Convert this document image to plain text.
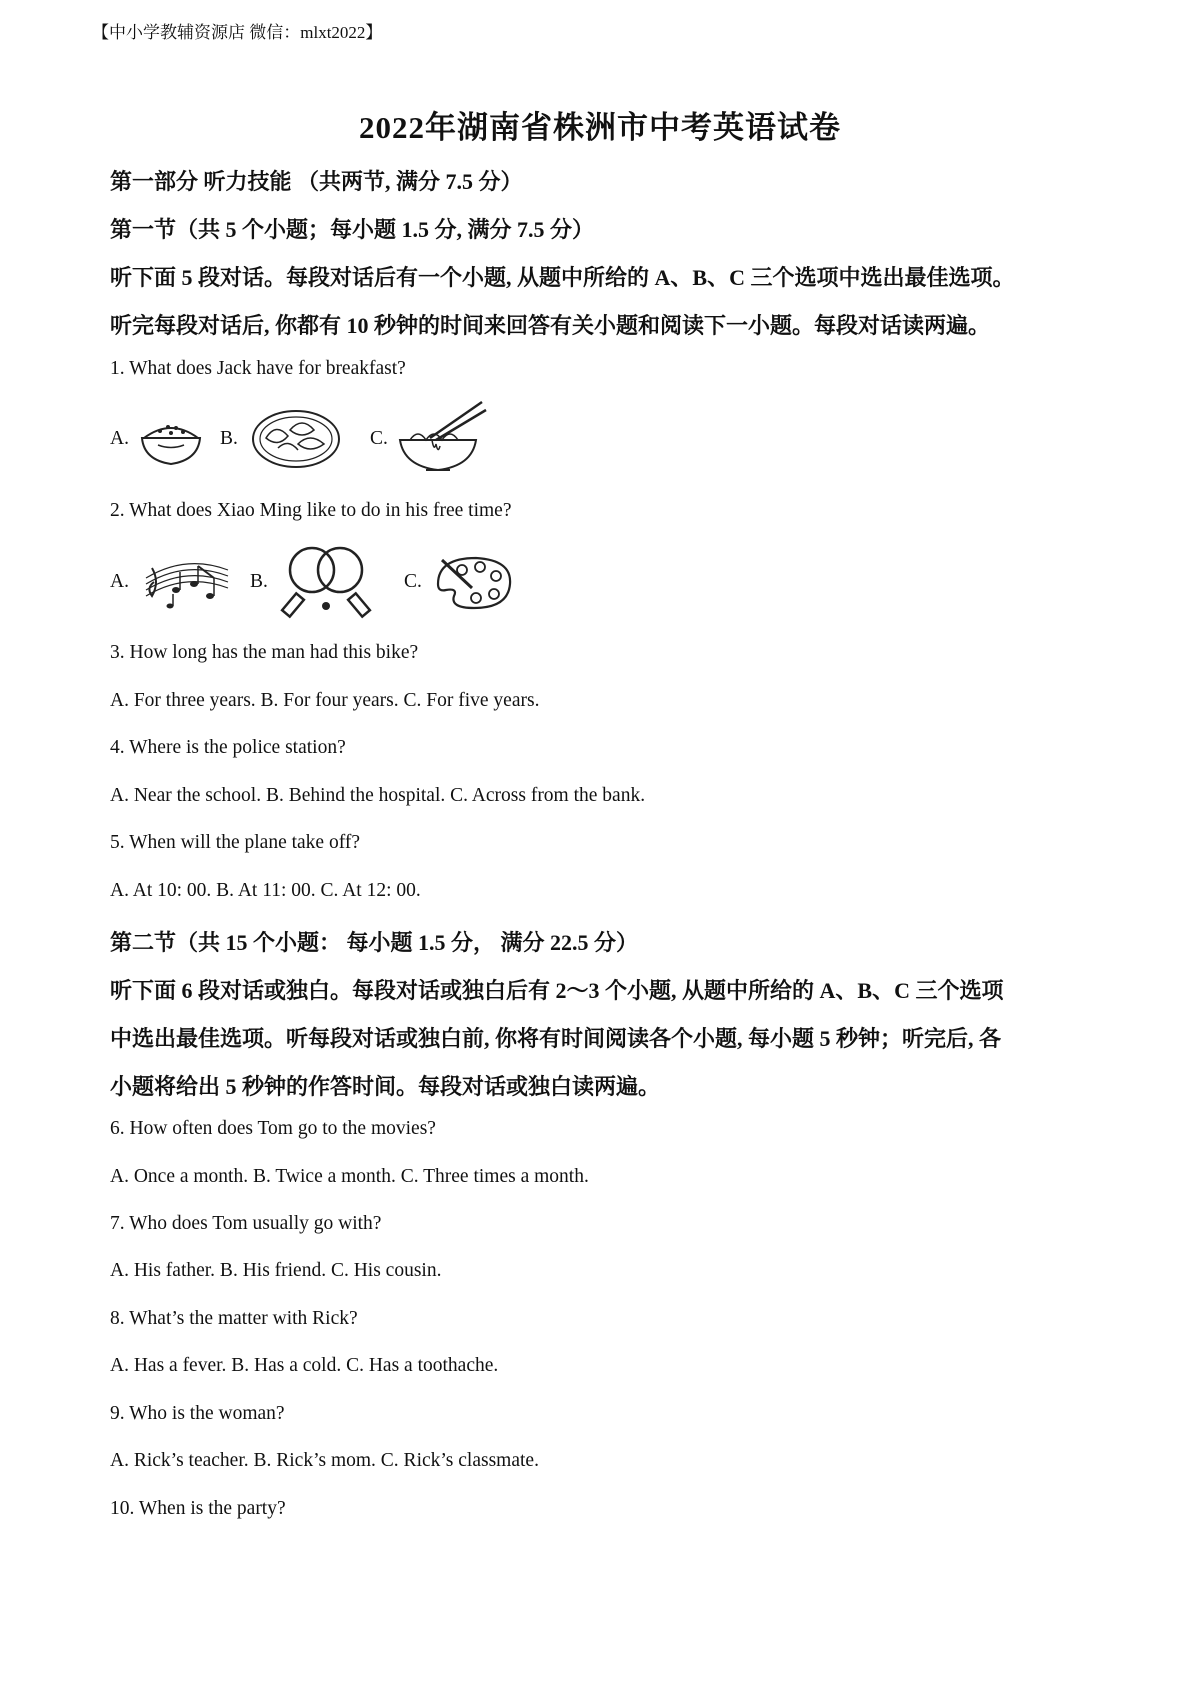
【中小学教辅资源店 微信：mlxt2022】
2022年湖南省株洲市中考英语试卷
第一部分 听力技能 （共两节, 满分 7.5 分）
第一节（共 5 个小题；每小题 1.5 分, 满分 7.5 分）
听下面 5 段对话。每段对话后有一个小题, 从题中所给的 A、B、C 三个选项中选出最佳选项。
听完每段对话后, 你都有 10 秒钟的时间来回答有关小题和阅读下一小题。每段对话读两遍。
1. What does Jack have for breakfast?
A.	B.	C.
2. What does Xiao Ming like to do in his free time?
A.	B.	C.
3. How long has the man had this bike?
A. For three years. B. For four years. C. For five years.
4. Where is the police station?
A. Near the school. B. Behind the hospital. C. Across from the bank.
5. When will the plane take off?
A. At 10: 00. B. At 11: 00. C. At 12: 00.
第二节（共 15 个小题： 每小题 1.5 分， 满分 22.5 分）
听下面 6 段对话或独白。每段对话或独白后有 2～3 个小题, 从题中所给的 A、B、C 三个选项
中选出最佳选项。听每段对话或独白前, 你将有时间阅读各个小题, 每小题 5 秒钟；听完后, 各
小题将给出 5 秒钟的作答时间。每段对话或独白读两遍。
6. How often does Tom go to the movies?
A. Once a month. B. Twice a month. C. Three times a month.
7. Who does Tom usually go with?
A. His father. B. His friend. C. His cousin.
8. What’s the matter with Rick?
A. Has a fever. B. Has a cold. C. Has a toothache.
9. Who is the woman?
A. Rick’s teacher. B. Rick’s mom. C. Rick’s classmate.
10. When is the party?
